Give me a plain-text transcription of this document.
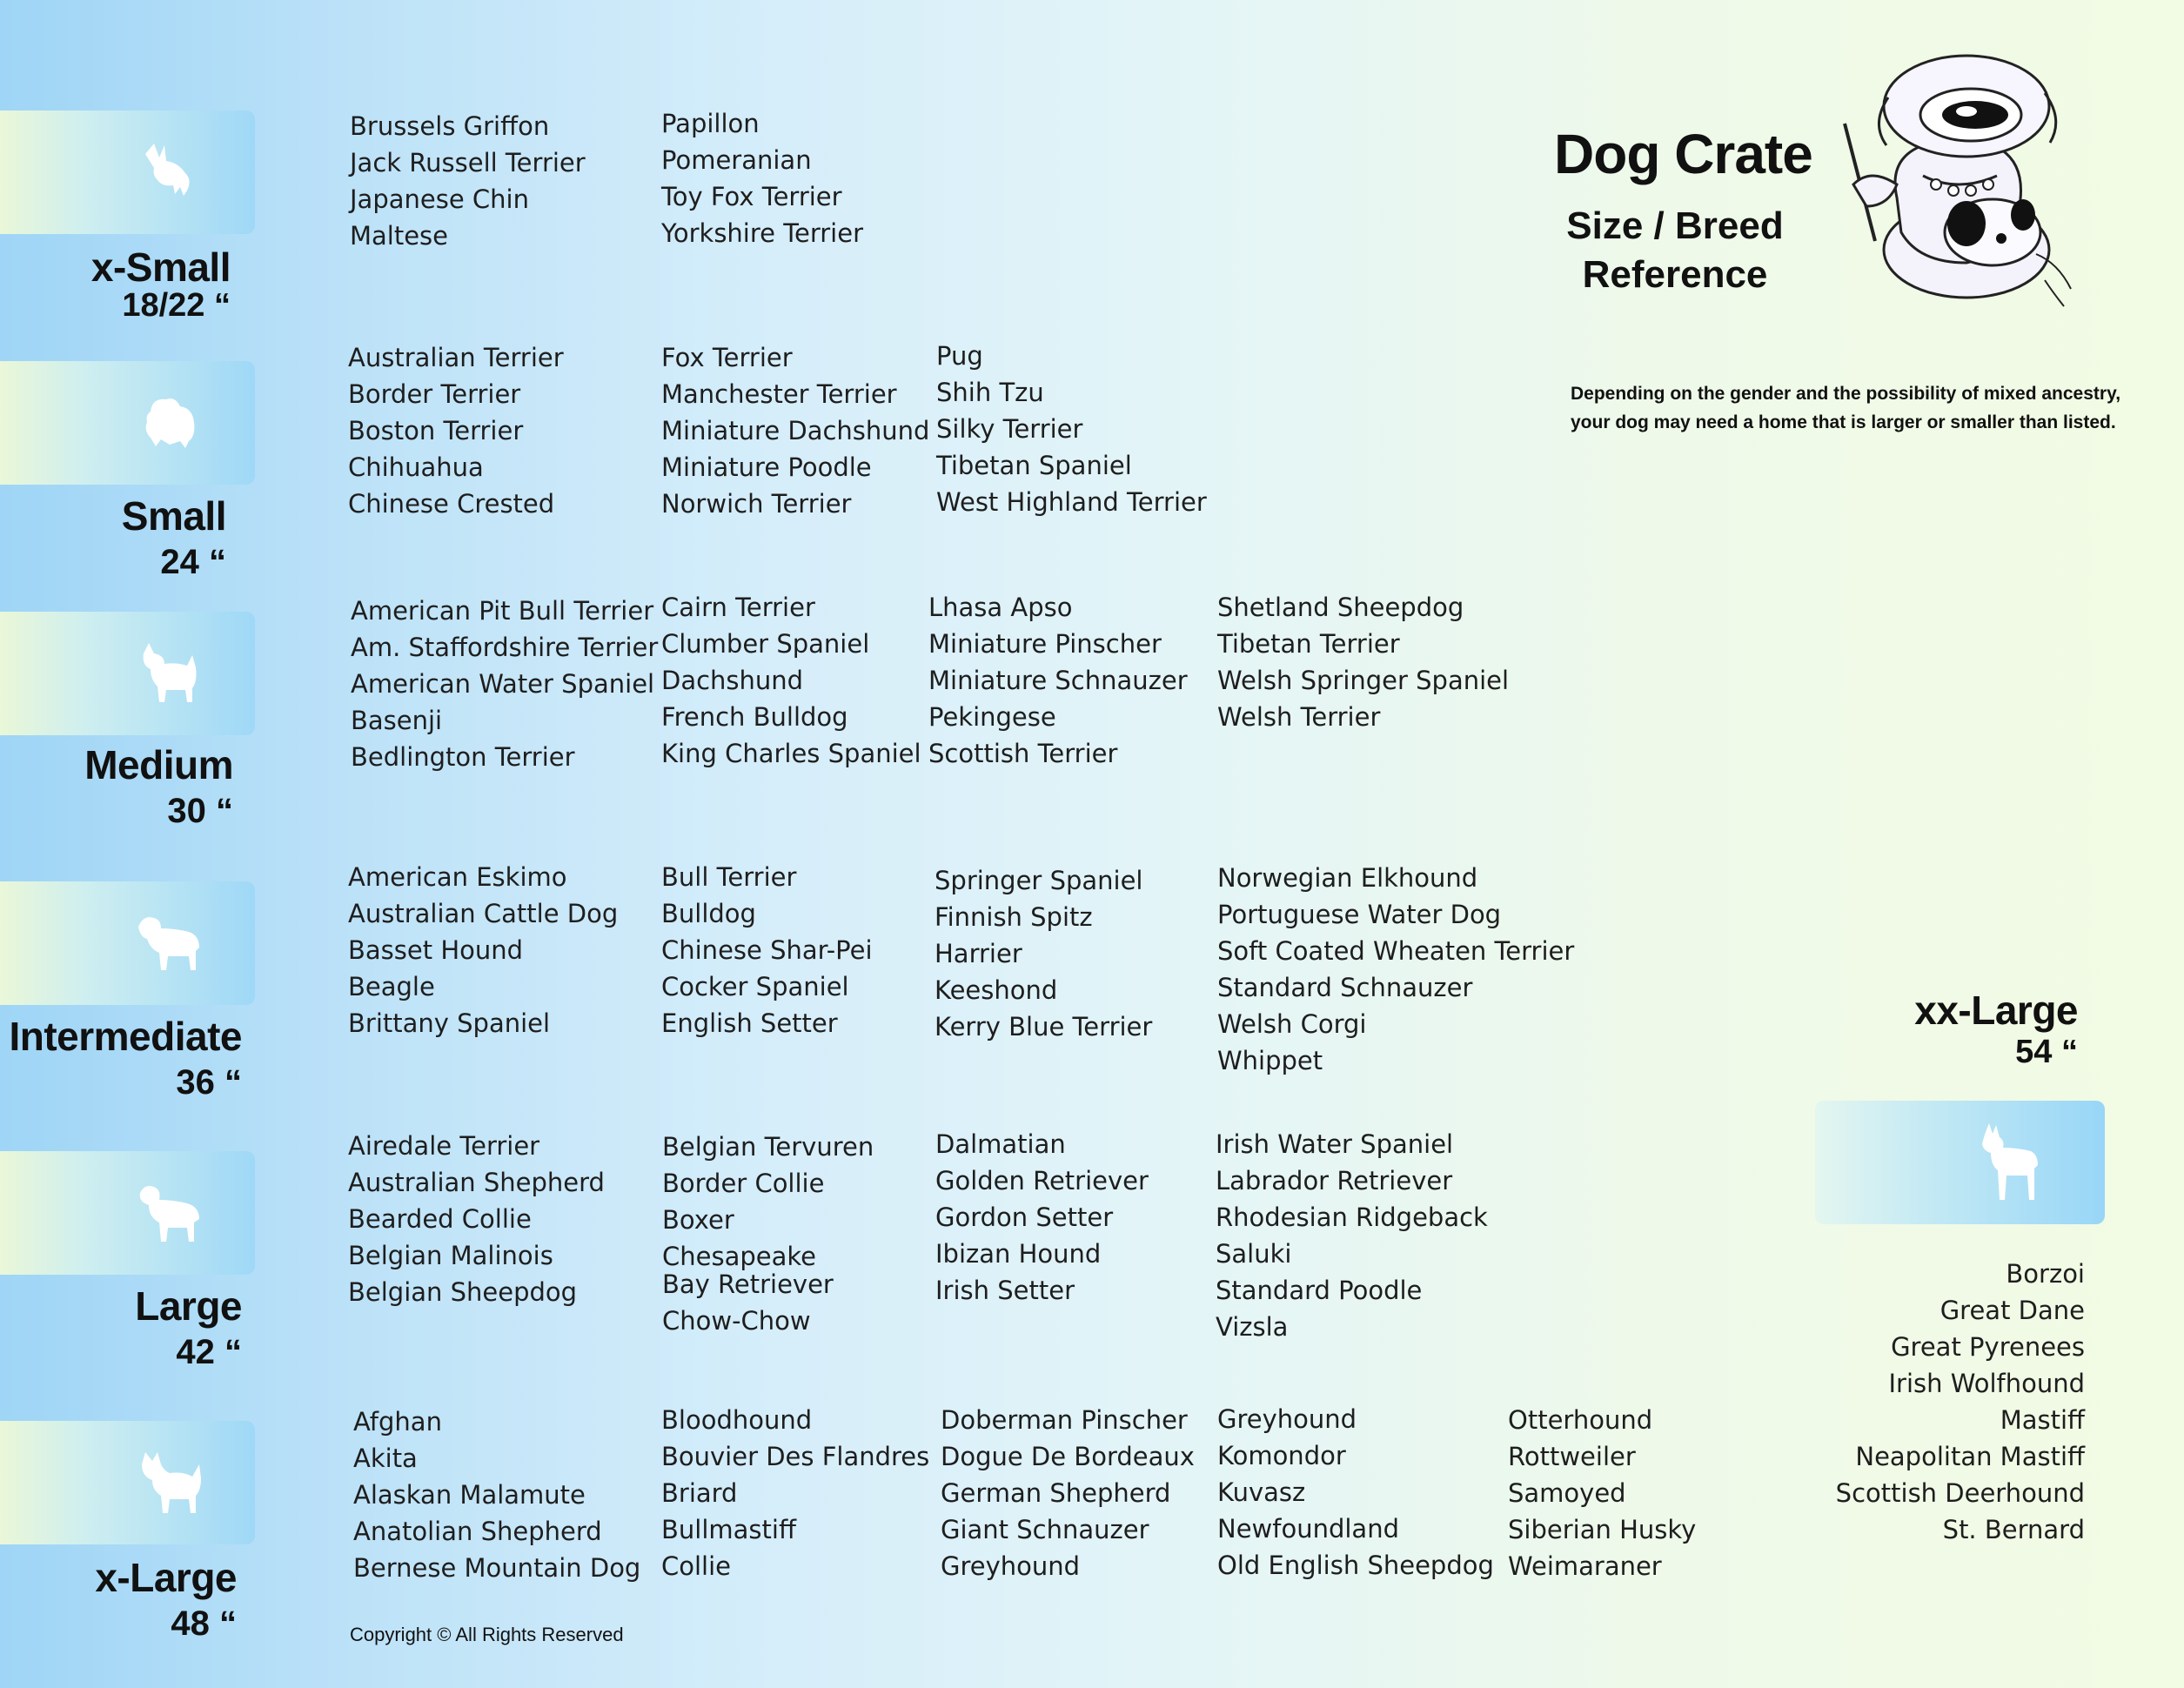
Dog Crate
Size / Breed
Reference
Depending on the gender and the possibility of mixed ancestry,
your dog may need a home that is larger or smaller than listed.
x-Small
18/22 “
Small
24 “
Medium
30 “
Intermediate
36 “
Large
42 “
x-Large
48 “
xx-Large
54 “
Brussels Griffon
Jack Russell Terrier
Japanese Chin
Maltese
Papillon
Pomeranian
Toy Fox Terrier
Yorkshire Terrier
Australian Terrier
Border Terrier
Boston Terrier
Chihuahua
Chinese Crested
Fox Terrier
Manchester Terrier
Miniature Dachshund
Miniature Poodle
Norwich Terrier
Pug
Shih Tzu
Silky Terrier
Tibetan Spaniel
West Highland Terrier
American Pit Bull Terrier
Am. Staffordshire Terrier
American Water Spaniel
Basenji
Bedlington Terrier
Cairn Terrier
Clumber Spaniel
Dachshund
French Bulldog
King Charles Spaniel
Lhasa Apso
Miniature Pinscher
Miniature Schnauzer
Pekingese
Scottish Terrier
Shetland Sheepdog
Tibetan Terrier
Welsh Springer Spaniel
Welsh Terrier
American Eskimo
Australian Cattle Dog
Basset Hound
Beagle
Brittany Spaniel
Bull Terrier
Bulldog
Chinese Shar-Pei
Cocker Spaniel
English Setter
Springer Spaniel
Finnish Spitz
Harrier
Keeshond
Kerry Blue Terrier
Norwegian Elkhound
Portuguese Water Dog
Soft Coated Wheaten Terrier
Standard Schnauzer
Welsh Corgi
Whippet
Airedale Terrier
Australian Shepherd
Bearded Collie
Belgian Malinois
Belgian Sheepdog
Belgian Tervuren
Border Collie
Boxer
Chesapeake Bay Retriever
Chow-Chow
Dalmatian
Golden Retriever
Gordon Setter
Ibizan Hound
Irish Setter
Irish Water Spaniel
Labrador Retriever
Rhodesian Ridgeback
Saluki
Standard Poodle
Vizsla
Afghan
Akita
Alaskan Malamute
Anatolian Shepherd
Bernese Mountain Dog
Bloodhound
Bouvier Des Flandres
Briard
Bullmastiff
Collie
Doberman Pinscher
Dogue De Bordeaux
German Shepherd
Giant Schnauzer
Greyhound
Greyhound
Komondor
Kuvasz
Newfoundland
Old English Sheepdog
Otterhound
Rottweiler
Samoyed
Siberian Husky
Weimaraner
Borzoi
Great Dane
Great Pyrenees
Irish Wolfhound
Mastiff
Neapolitan Mastiff
Scottish Deerhound
St. Bernard
Copyright © All Rights Reserved
